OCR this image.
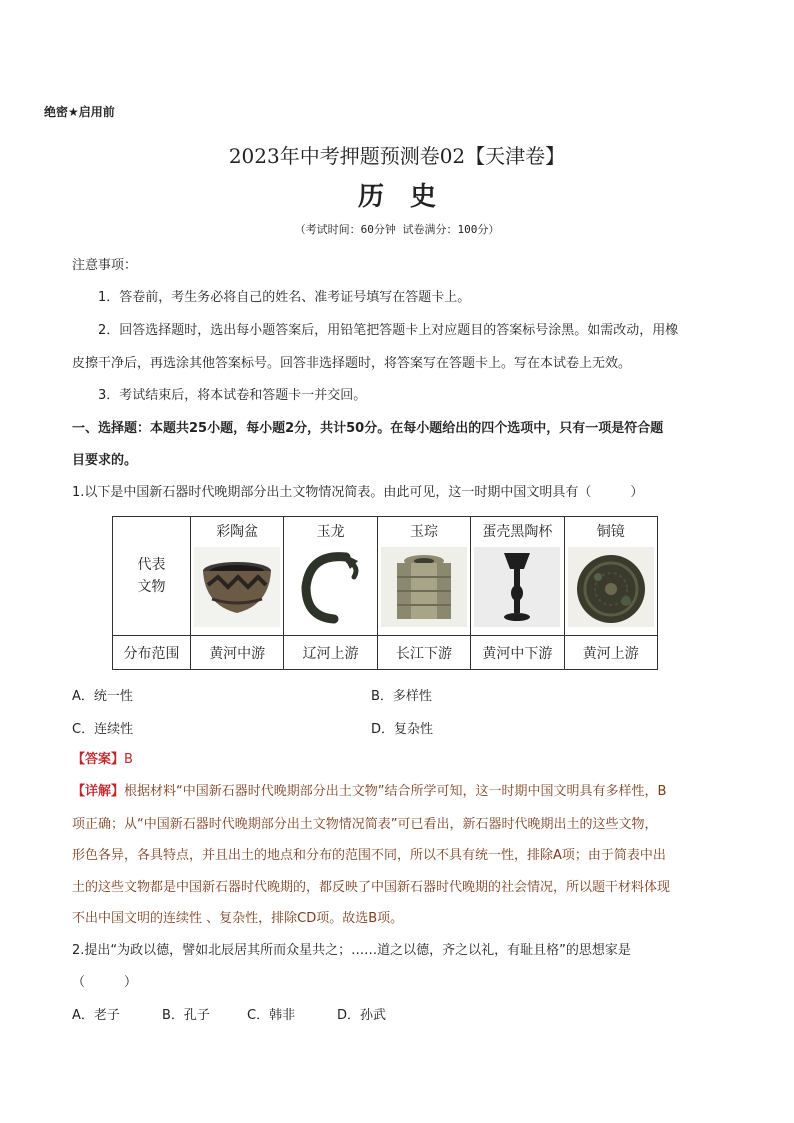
绝密★启用前
2023年中考押题预测卷02【天津卷】
历史
（考试时间：60分钟 试卷满分：100分）
注意事项：
1．答卷前，考生务必将自己的姓名、准考证号填写在答题卡上。
2．回答选择题时，选出每小题答案后，用铅笔把答题卡上对应题目的答案标号涂黑。如需改动，用橡
皮擦干净后，再选涂其他答案标号。回答非选择题时，将答案写在答题卡上。写在本试卷上无效。
3．考试结束后，将本试卷和答题卡一并交回。
一、选择题：本题共25小题，每小题2分，共计50分。在每小题给出的四个选项中，只有一项是符合题
目要求的。
1.以下是中国新石器时代晚期部分出土文物情况简表。由此可见，这一时期中国文明具有（　　　）
代表
文物	彩陶盆	玉龙	玉琮	蛋壳黑陶杯	铜镜

分布范围	黄河中游	辽河上游	长江下游	黄河中下游	黄河上游
A．统一性	B．多样性
C．连续性	D．复杂性
【答案】B
【详解】根据材料“中国新石器时代晚期部分出土文物”结合所学可知，这一时期中国文明具有多样性，B
项正确；从“中国新石器时代晚期部分出土文物情况简表”可已看出，新石器时代晚期出土的这些文物，
形色各异，各具特点，并且出土的地点和分布的范围不同，所以不具有统一性，排除A项；由于简表中出
土的这些文物都是中国新石器时代晚期的，都反映了中国新石器时代晚期的社会情况，所以题干材料体现
不出中国文明的连续性 、复杂性，排除CD项。故选B项。
2.提出“为政以德，譬如北辰居其所而众星共之；……道之以德，齐之以礼，有耻且格”的思想家是
（　　　）
A．老子	B．孔子	C．韩非	D．孙武
